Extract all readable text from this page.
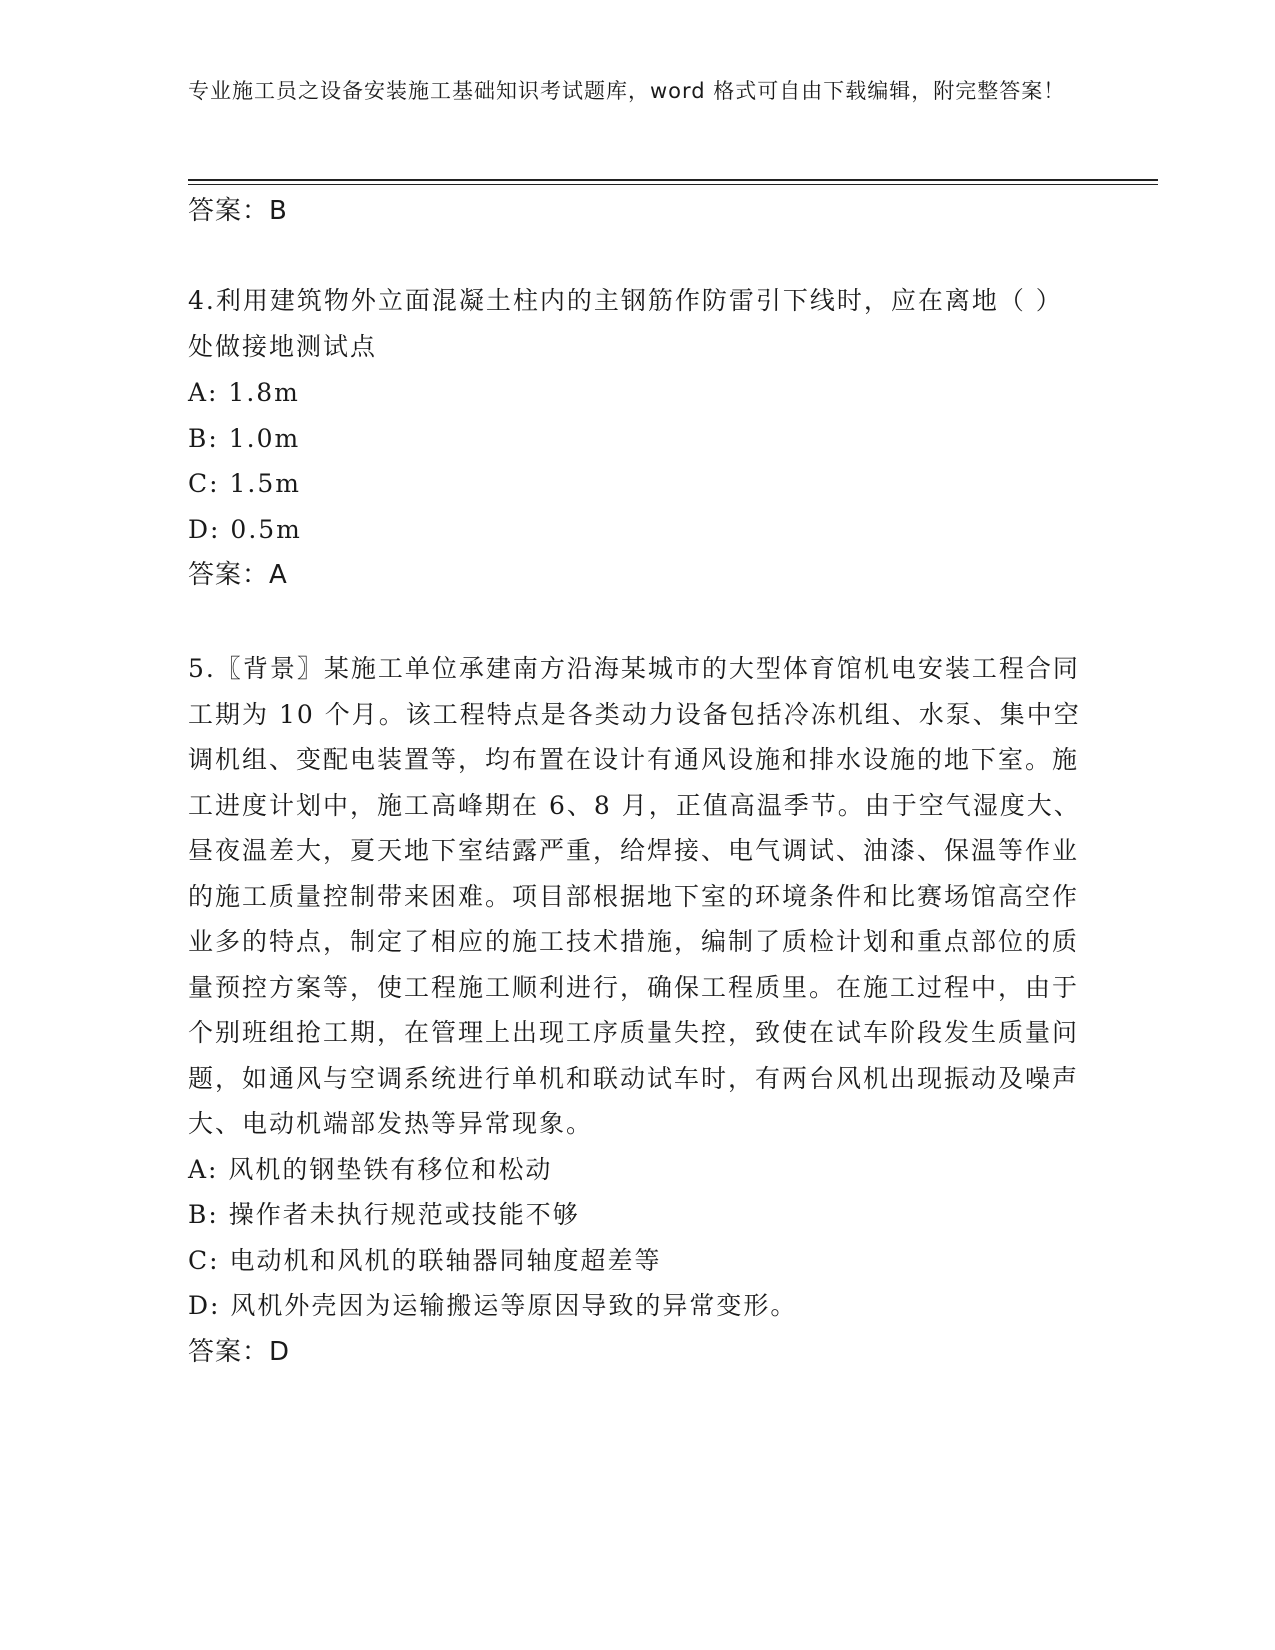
专业施工员之设备安装施工基础知识考试题库，word 格式可自由下载编辑，附完整答案！
答案：B
4.利用建筑物外立面混凝土柱内的主钢筋作防雷引下线时，应在离地（ ）处做接地测试点
A: 1.8m
B: 1.0m
C: 1.5m
D: 0.5m
答案：A
5.〖背景〗某施工单位承建南方沿海某城市的大型体育馆机电安装工程合同工期为 10 个月。该工程特点是各类动力设备包括冷冻机组、水泵、集中空调机组、变配电装置等，均布置在设计有通风设施和排水设施的地下室。施工进度计划中，施工高峰期在 6、8 月，正值高温季节。由于空气湿度大、昼夜温差大，夏天地下室结露严重，给焊接、电气调试、油漆、保温等作业的施工质量控制带来困难。项目部根据地下室的环境条件和比赛场馆高空作业多的特点，制定了相应的施工技术措施，编制了质检计划和重点部位的质量预控方案等，使工程施工顺利进行，确保工程质里。在施工过程中，由于个别班组抢工期，在管理上出现工序质量失控，致使在试车阶段发生质量问题，如通风与空调系统进行单机和联动试车时，有两台风机出现振动及噪声大、电动机端部发热等异常现象。
A: 风机的钢垫铁有移位和松动
B: 操作者未执行规范或技能不够
C: 电动机和风机的联轴器同轴度超差等
D: 风机外壳因为运输搬运等原因导致的异常变形。
答案：D
